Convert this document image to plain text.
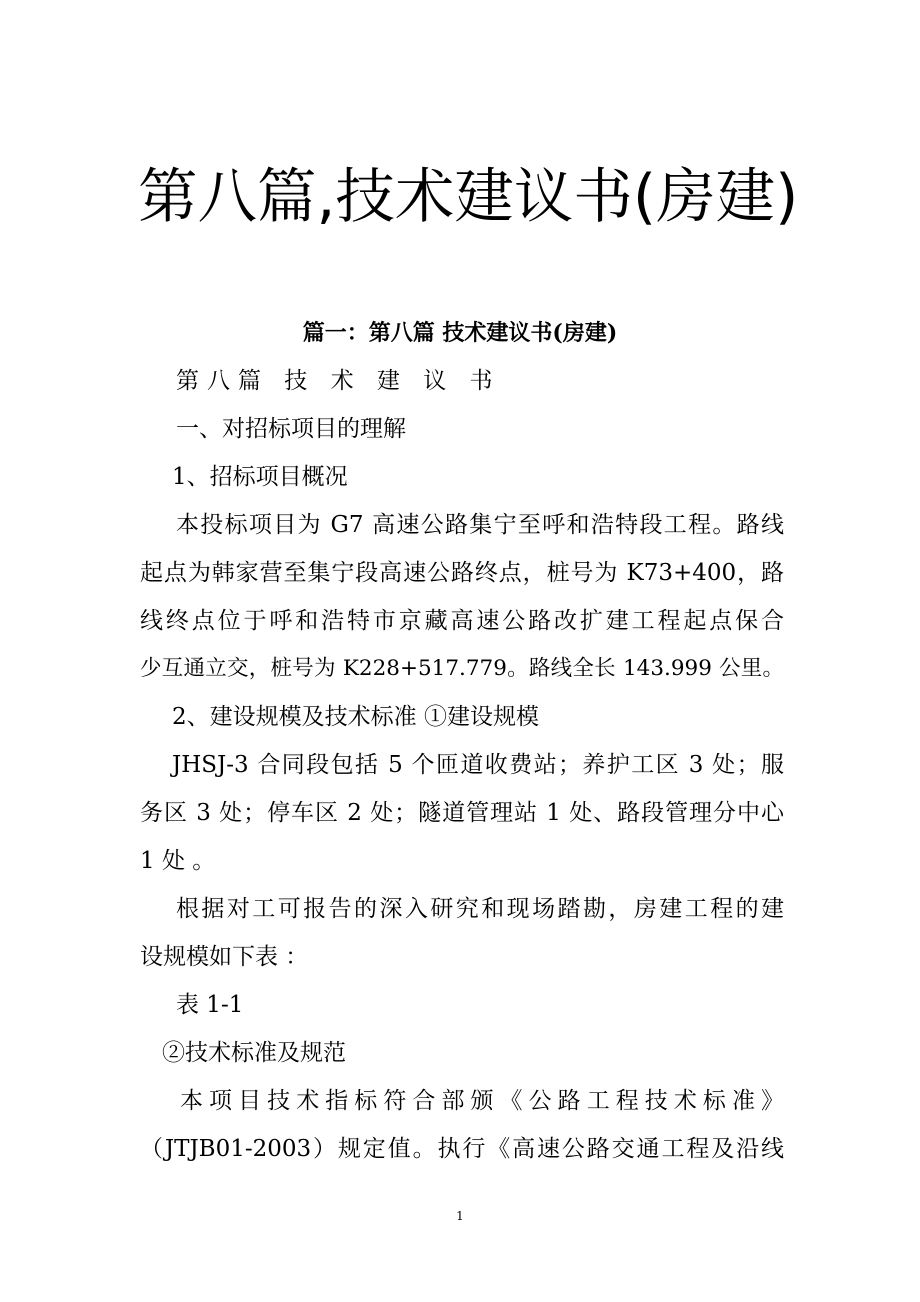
第八篇,技术建议书(房建)
篇一：第八篇 技术建议书(房建)
第八篇 技 术 建 议 书
一、对招标项目的理解
1、招标项目概况
本投标项目为 G7 高速公路集宁至呼和浩特段工程。路线
起点为韩家营至集宁段高速公路终点，桩号为 K73+400，路
线终点位于呼和浩特市京藏高速公路改扩建工程起点保合
少互通立交，桩号为 K228+517.779。路线全长 143.999 公里。
2、建设规模及技术标准 ①建设规模
JHSJ-3 合同段包括 5 个匝道收费站；养护工区 3 处；服
务区 3 处；停车区 2 处；隧道管理站 1 处、路段管理分中心
1 处 。
根据对工可报告的深入研究和现场踏勘，房建工程的建
设规模如下表 ：
表 1-1
②技术标准及规范
本项目技术指标符合部颁《公路工程技术标准》
（JTJB01-2003）规定值。执行《高速公路交通工程及沿线
1
